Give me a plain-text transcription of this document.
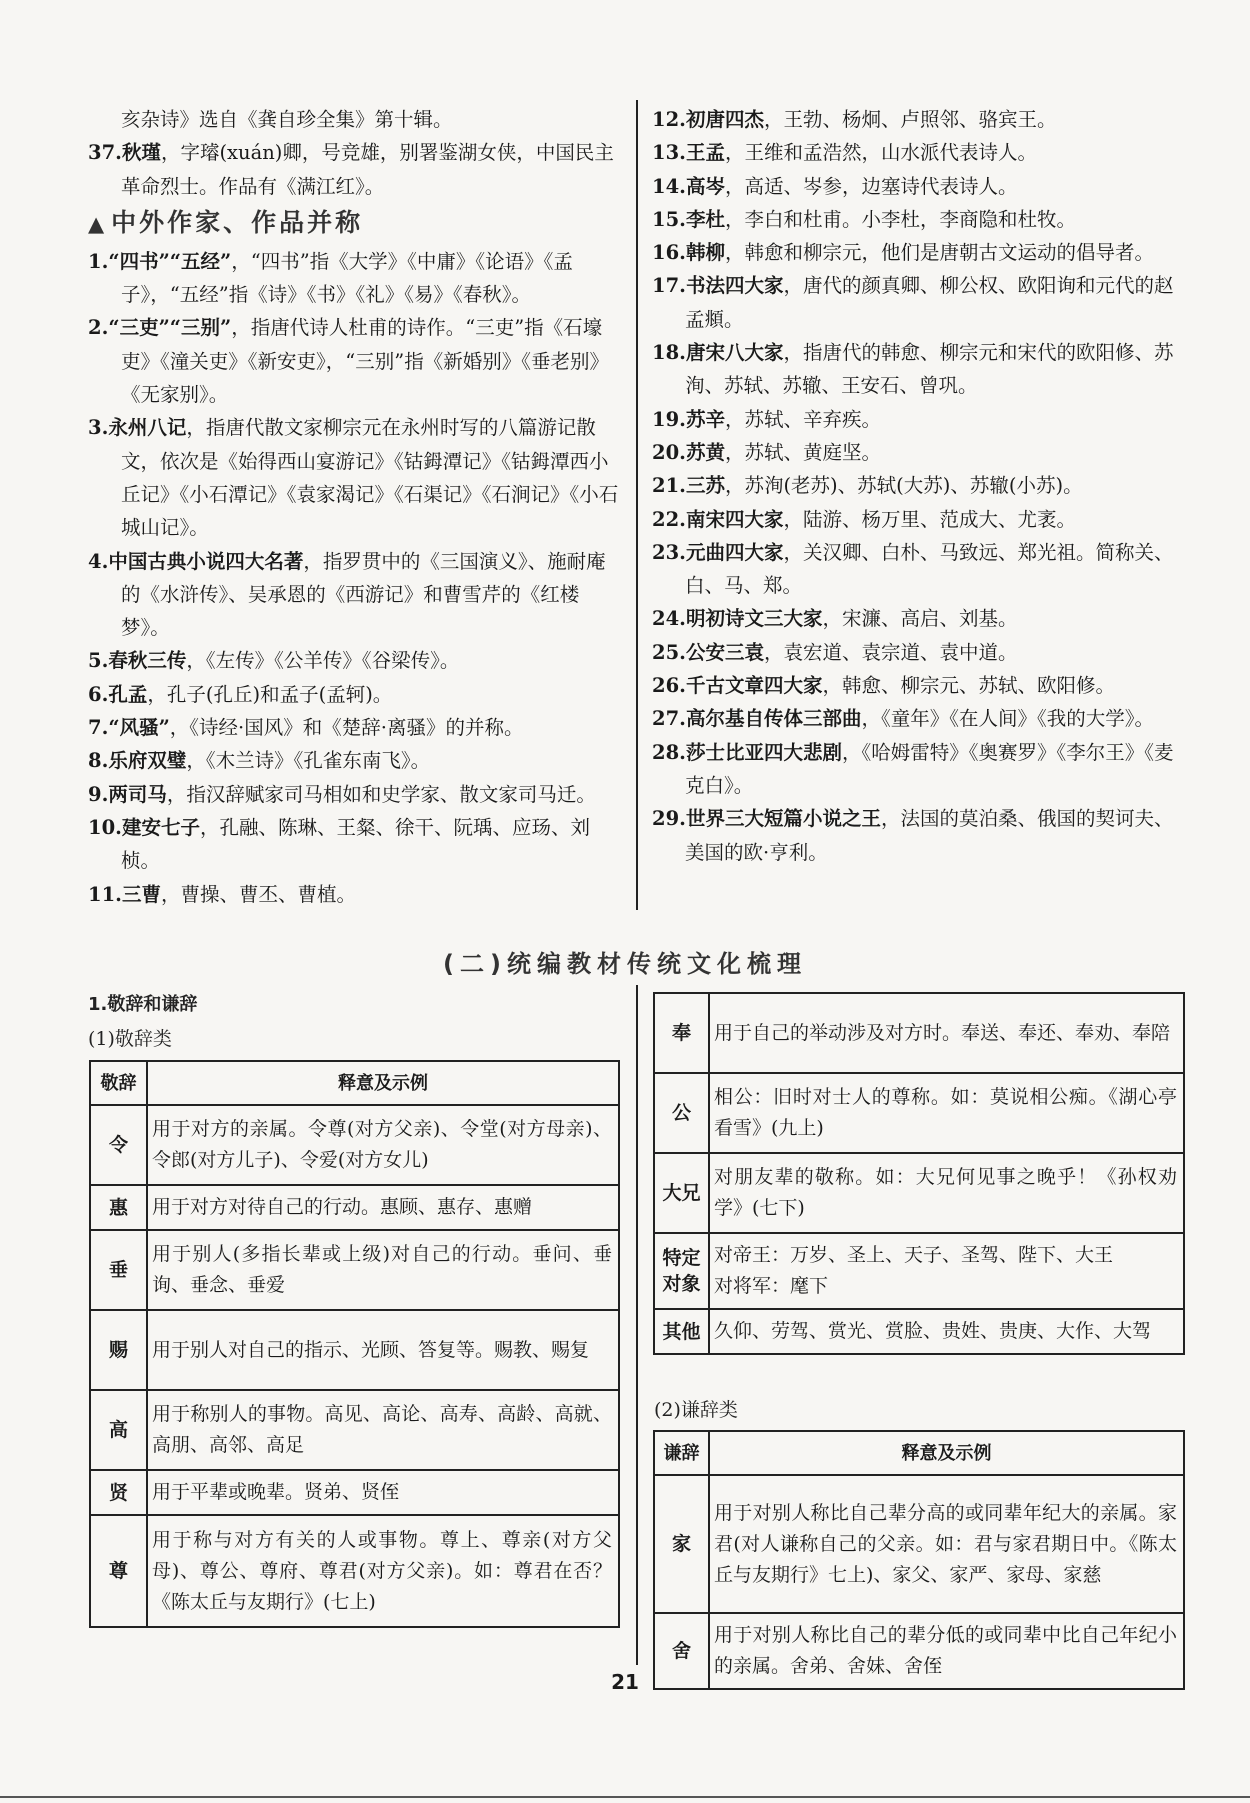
亥杂诗》选自《龚自珍全集》第十辑。

37.秋瑾，字璿(xuán)卿，号竞雄，别署鉴湖女侠，中国民主革命烈士。作品有《满江红》。

▲ 中外作家、作品并称

1.“四书”“五经”，“四书”指《大学》《中庸》《论语》《孟子》，“五经”指《诗》《书》《礼》《易》《春秋》。

2.“三吏”“三别”，指唐代诗人杜甫的诗作。“三吏”指《石壕吏》《潼关吏》《新安吏》，“三别”指《新婚别》《垂老别》《无家别》。

3.永州八记，指唐代散文家柳宗元在永州时写的八篇游记散文，依次是《始得西山宴游记》《钴鉧潭记》《钴鉧潭西小丘记》《小石潭记》《袁家渴记》《石渠记》《石涧记》《小石城山记》。

4.中国古典小说四大名著，指罗贯中的《三国演义》、施耐庵的《水浒传》、吴承恩的《西游记》和曹雪芹的《红楼梦》。

5.春秋三传，《左传》《公羊传》《谷梁传》。

6.孔孟，孔子(孔丘)和孟子(孟轲)。

7.“风骚”，《诗经·国风》和《楚辞·离骚》的并称。

8.乐府双璧，《木兰诗》《孔雀东南飞》。

9.两司马，指汉辞赋家司马相如和史学家、散文家司马迁。

10.建安七子，孔融、陈琳、王粲、徐干、阮瑀、应玚、刘桢。

11.三曹，曹操、曹丕、曹植。

12.初唐四杰，王勃、杨炯、卢照邻、骆宾王。

13.王孟，王维和孟浩然，山水派代表诗人。

14.高岑，高适、岑参，边塞诗代表诗人。

15.李杜，李白和杜甫。小李杜，李商隐和杜牧。

16.韩柳，韩愈和柳宗元，他们是唐朝古文运动的倡导者。

17.书法四大家，唐代的颜真卿、柳公权、欧阳询和元代的赵孟頫。

18.唐宋八大家，指唐代的韩愈、柳宗元和宋代的欧阳修、苏洵、苏轼、苏辙、王安石、曾巩。

19.苏辛，苏轼、辛弃疾。

20.苏黄，苏轼、黄庭坚。

21.三苏，苏洵(老苏)、苏轼(大苏)、苏辙(小苏)。

22.南宋四大家，陆游、杨万里、范成大、尤袤。

23.元曲四大家，关汉卿、白朴、马致远、郑光祖。简称关、白、马、郑。

24.明初诗文三大家，宋濂、高启、刘基。

25.公安三袁，袁宏道、袁宗道、袁中道。

26.千古文章四大家，韩愈、柳宗元、苏轼、欧阳修。

27.高尔基自传体三部曲，《童年》《在人间》《我的大学》。

28.莎士比亚四大悲剧，《哈姆雷特》《奥赛罗》《李尔王》《麦克白》。

29.世界三大短篇小说之王，法国的莫泊桑、俄国的契诃夫、美国的欧·亨利。

(二)统编教材传统文化梳理
1.敬辞和谦辞
(1)敬辞类
敬辞	释意及示例
令	用于对方的亲属。令尊(对方父亲)、令堂(对方母亲)、令郎(对方儿子)、令爱(对方女儿)
惠	用于对方对待自己的行动。惠顾、惠存、惠赠
垂	用于别人(多指长辈或上级)对自己的行动。垂问、垂询、垂念、垂爱
赐	用于别人对自己的指示、光顾、答复等。赐教、赐复
高	用于称别人的事物。高见、高论、高寿、高龄、高就、高朋、高邻、高足
贤	用于平辈或晚辈。贤弟、贤侄
尊	用于称与对方有关的人或事物。尊上、尊亲(对方父母)、尊公、尊府、尊君(对方父亲)。如：尊君在否？《陈太丘与友期行》(七上)
奉	用于自己的举动涉及对方时。奉送、奉还、奉劝、奉陪
公	相公：旧时对士人的尊称。如：莫说相公痴。《湖心亭看雪》(九上)
大兄	对朋友辈的敬称。如：大兄何见事之晚乎！《孙权劝学》(七下)
特定对象	对帝王：万岁、圣上、天子、圣驾、陛下、大王
对将军：麾下
其他	久仰、劳驾、赏光、赏脸、贵姓、贵庚、大作、大驾
(2)谦辞类
谦辞	释意及示例
家	用于对别人称比自己辈分高的或同辈年纪大的亲属。家君(对人谦称自己的父亲。如：君与家君期日中。《陈太丘与友期行》七上)、家父、家严、家母、家慈
舍	用于对别人称比自己的辈分低的或同辈中比自己年纪小的亲属。舍弟、舍妹、舍侄
21
